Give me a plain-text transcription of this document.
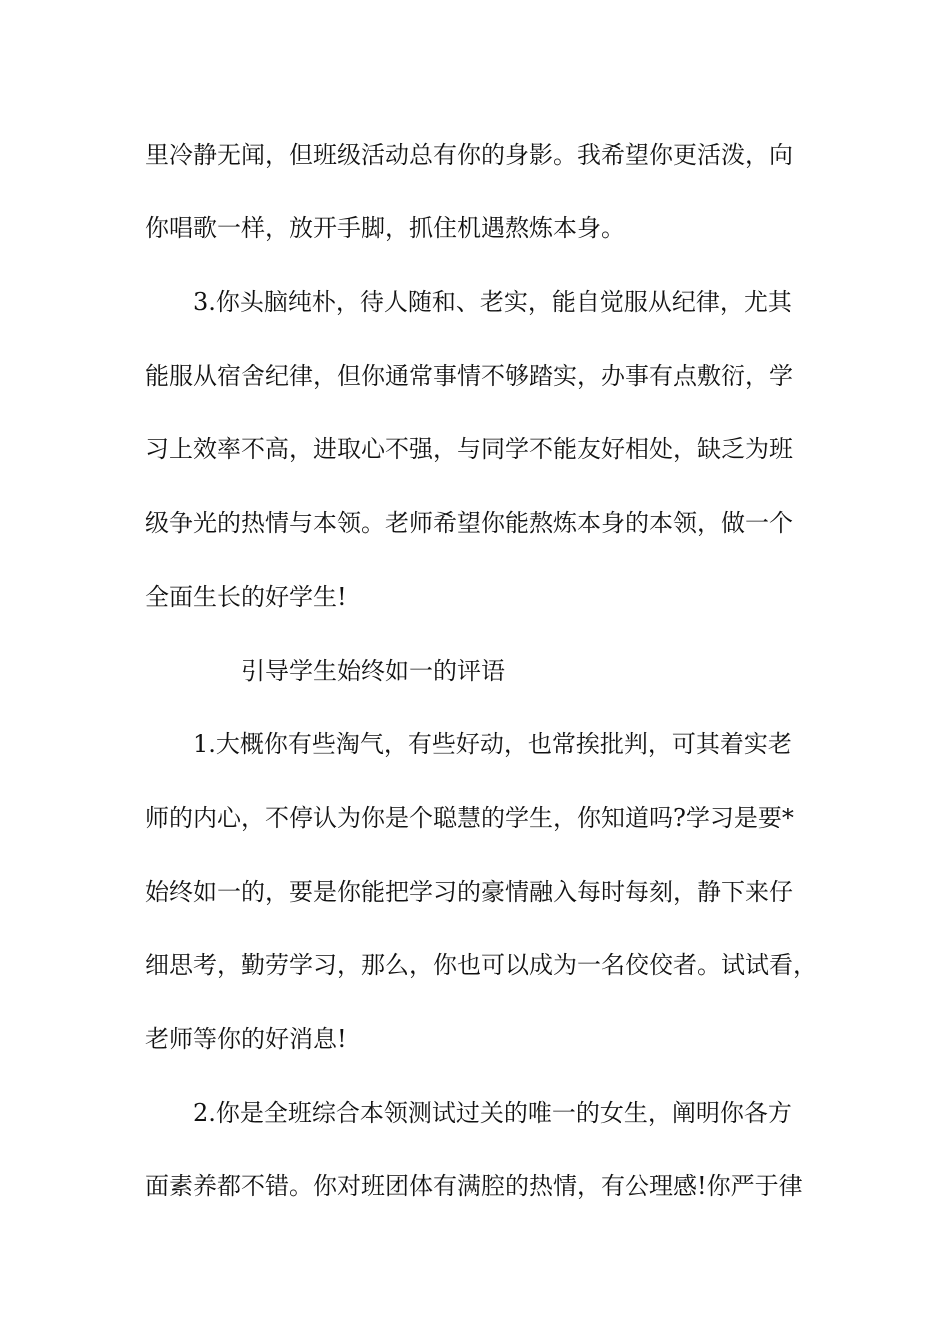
里冷静无闻，但班级活动总有你的身影。我希望你更活泼，向

你唱歌一样，放开手脚，抓住机遇熬炼本身。

3.你头脑纯朴，待人随和、老实，能自觉服从纪律，尤其

能服从宿舍纪律，但你通常事情不够踏实，办事有点敷衍，学

习上效率不高，进取心不强，与同学不能友好相处，缺乏为班

级争光的热情与本领。老师希望你能熬炼本身的本领，做一个

全面生长的好学生!

引导学生始终如一的评语

1.大概你有些淘气，有些好动，也常挨批判，可其着实老

师的内心，不停认为你是个聪慧的学生，你知道吗?学习是要*

始终如一的，要是你能把学习的豪情融入每时每刻，静下来仔

细思考，勤劳学习，那么，你也可以成为一名佼佼者。试试看，

老师等你的好消息!

2.你是全班综合本领测试过关的唯一的女生，阐明你各方

面素养都不错。你对班团体有满腔的热情，有公理感!你严于律
